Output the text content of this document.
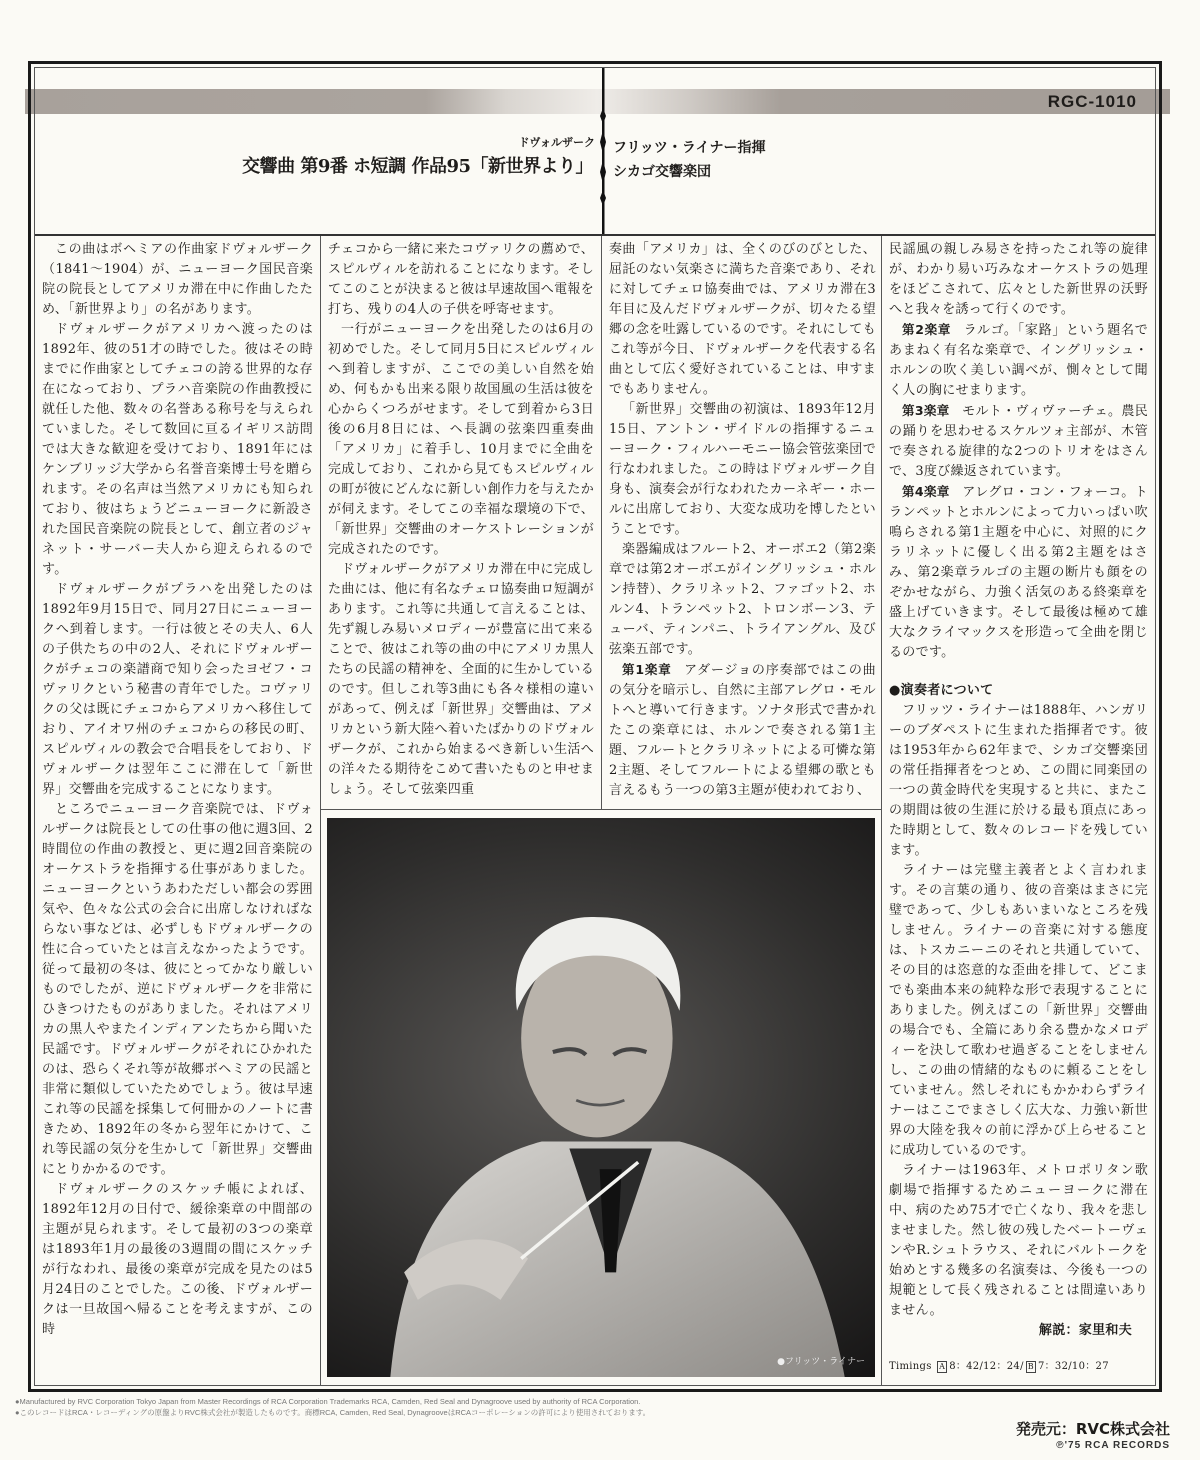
RGC-1010
ドヴォルザーク
交響曲 第9番 ホ短調 作品95「新世界より」
フリッツ・ライナー指揮
シカゴ交響楽団

この曲はボヘミアの作曲家ドヴォルザーク（1841〜1904）が、ニューヨーク国民音楽院の院長としてアメリカ滞在中に作曲したため、「新世界より」の名があります。

ドヴォルザークがアメリカへ渡ったのは1892年、彼の51才の時でした。彼はその時までに作曲家としてチェコの誇る世界的な存在になっており、プラハ音楽院の作曲教授に就任した他、数々の名誉ある称号を与えられていました。そして数回に亘るイギリス訪問では大きな歓迎を受けており、1891年にはケンブリッジ大学から名誉音楽博士号を贈られます。その名声は当然アメリカにも知られており、彼はちょうどニューヨークに新設された国民音楽院の院長として、創立者のジャネット・サーバー夫人から迎えられるのです。

ドヴォルザークがプラハを出発したのは1892年9月15日で、同月27日にニューヨークへ到着します。一行は彼とその夫人、6人の子供たちの中の2人、それにドヴォルザークがチェコの楽譜商で知り会ったヨゼフ・コヴァリクという秘書の青年でした。コヴァリクの父は既にチェコからアメリカへ移住しており、アイオワ州のチェコからの移民の町、スピルヴィルの教会で合唱長をしており、ドヴォルザークは翌年ここに滞在して「新世界」交響曲を完成することになります。

ところでニューヨーク音楽院では、ドヴォルザークは院長としての仕事の他に週3回、2時間位の作曲の教授と、更に週2回音楽院のオーケストラを指揮する仕事がありました。ニューヨークというあわただしい都会の雰囲気や、色々な公式の会合に出席しなければならない事などは、必ずしもドヴォルザークの性に合っていたとは言えなかったようです。従って最初の冬は、彼にとってかなり厳しいものでしたが、逆にドヴォルザークを非常にひきつけたものがありました。それはアメリカの黒人やまたインディアンたちから聞いた民謡です。ドヴォルザークがそれにひかれたのは、恐らくそれ等が故郷ボヘミアの民謡と非常に類似していたためでしょう。彼は早速これ等の民謡を採集して何冊かのノートに書きため、1892年の冬から翌年にかけて、これ等民謡の気分を生かして「新世界」交響曲にとりかかるのです。

ドヴォルザークのスケッチ帳によれば、1892年12月の日付で、緩徐楽章の中間部の主題が見られます。そして最初の3つの楽章は1893年1月の最後の3週間の間にスケッチが行なわれ、最後の楽章が完成を見たのは5月24日のことでした。この後、ドヴォルザークは一旦故国へ帰ることを考えますが、この時

チェコから一緒に来たコヴァリクの薦めで、スピルヴィルを訪れることになります。そしてこのことが決まると彼は早速故国へ電報を打ち、残りの4人の子供を呼寄せます。

一行がニューヨークを出発したのは6月の初めでした。そして同月5日にスピルヴィルへ到着しますが、ここでの美しい自然を始め、何もかも出来る限り故国風の生活は彼を心からくつろがせます。そして到着から3日後の6月8日には、ヘ長調の弦楽四重奏曲「アメリカ」に着手し、10月までに全曲を完成しており、これから見てもスピルヴィルの町が彼にどんなに新しい創作力を与えたかが伺えます。そしてこの幸福な環境の下で、「新世界」交響曲のオーケストレーションが完成されたのです。

ドヴォルザークがアメリカ滞在中に完成した曲には、他に有名なチェロ協奏曲ロ短調があります。これ等に共通して言えることは、先ず親しみ易いメロディーが豊富に出て来ることで、彼はこれ等の曲の中にアメリカ黒人たちの民謡の精神を、全面的に生かしているのです。但しこれ等3曲にも各々様相の違いがあって、例えば「新世界」交響曲は、アメリカという新大陸へ着いたばかりのドヴォルザークが、これから始まるべき新しい生活への洋々たる期待をこめて書いたものと申せましょう。そして弦楽四重

奏曲「アメリカ」は、全くのびのびとした、屈託のない気楽さに満ちた音楽であり、それに対してチェロ協奏曲では、アメリカ滞在3年目に及んだドヴォルザークが、切々たる望郷の念を吐露しているのです。それにしてもこれ等が今日、ドヴォルザークを代表する名曲として広く愛好されていることは、申すまでもありません。

「新世界」交響曲の初演は、1893年12月15日、アントン・ザイドルの指揮するニューヨーク・フィルハーモニー協会管弦楽団で行なわれました。この時はドヴォルザーク自身も、演奏会が行なわれたカーネギー・ホールに出席しており、大変な成功を博したということです。

楽器編成はフルート2、オーボエ2（第2楽章では第2オーボエがイングリッシュ・ホルン持替）、クラリネット2、ファゴット2、ホルン4、トランペット2、トロンボーン3、テューバ、ティンパニ、トライアングル、及び弦楽五部です。

第1楽章 アダージョの序奏部ではこの曲の気分を暗示し、自然に主部アレグロ・モルトへと導いて行きます。ソナタ形式で書かれたこの楽章には、ホルンで奏される第1主題、フルートとクラリネットによる可憐な第2主題、そしてフルートによる望郷の歌とも言えるもう一つの第3主題が使われており、

●フリッツ・ライナー

民謡風の親しみ易さを持ったこれ等の旋律が、わかり易い巧みなオーケストラの処理をほどこされて、広々とした新世界の沃野へと我々を誘って行くのです。

第2楽章 ラルゴ。「家路」という題名であまねく有名な楽章で、イングリッシュ・ホルンの吹く美しい調べが、惻々として聞く人の胸にせまります。

第3楽章 モルト・ヴィヴァーチェ。農民の踊りを思わせるスケルツォ主部が、木管で奏される旋律的な2つのトリオをはさんで、3度び繰返されています。

第4楽章 アレグロ・コン・フォーコ。トランペットとホルンによって力いっぱい吹鳴らされる第1主題を中心に、対照的にクラリネットに優しく出る第2主題をはさみ、第2楽章ラルゴの主題の断片も顔をのぞかせながら、力強く活気のある終楽章を盛上げていきます。そして最後は極めて雄大なクライマックスを形造って全曲を閉じるのです。

●演奏者について

フリッツ・ライナーは1888年、ハンガリーのブダペストに生まれた指揮者です。彼は1953年から62年まで、シカゴ交響楽団の常任指揮者をつとめ、この間に同楽団の一つの黄金時代を実現すると共に、またこの期間は彼の生涯に於ける最も頂点にあった時期として、数々のレコードを残しています。

ライナーは完璧主義者とよく言われます。その言葉の通り、彼の音楽はまさに完璧であって、少しもあいまいなところを残しません。ライナーの音楽に対する態度は、トスカニーニのそれと共通していて、その目的は恣意的な歪曲を排して、どこまでも楽曲本来の純粋な形で表現することにありました。例えばこの「新世界」交響曲の場合でも、全篇にあり余る豊かなメロディーを決して歌わせ過ぎることをしませんし、この曲の情緒的なものに頼ることをしていません。然しそれにもかかわらずライナーはここでまさしく広大な、力強い新世界の大陸を我々の前に浮かび上らせることに成功しているのです。

ライナーは1963年、メトロポリタン歌劇場で指揮するためニューヨークに滞在中、病のため75才で亡くなり、我々を悲しませました。然し彼の残したベートーヴェンやR.シュトラウス、それにバルトークを始めとする幾多の名演奏は、今後も一つの規範として長く残されることは間違いありません。

解説：家里和夫

Timings A 8：42/12：24/ B 7：32/10：27

●Manufactured by RVC Corporation Tokyo Japan from Master Recordings of RCA Corporation Trademarks RCA, Camden, Red Seal and Dynagroove used by authority of RCA Corporation.
●このレコードはRCA・レコーディングの原盤よりRVC株式会社が製造したものです。商標RCA, Camden, Red Seal, DynagrooveはRCAコーポレーションの許可により使用されております。
発売元：RVC株式会社
℗'75 RCA RECORDS
